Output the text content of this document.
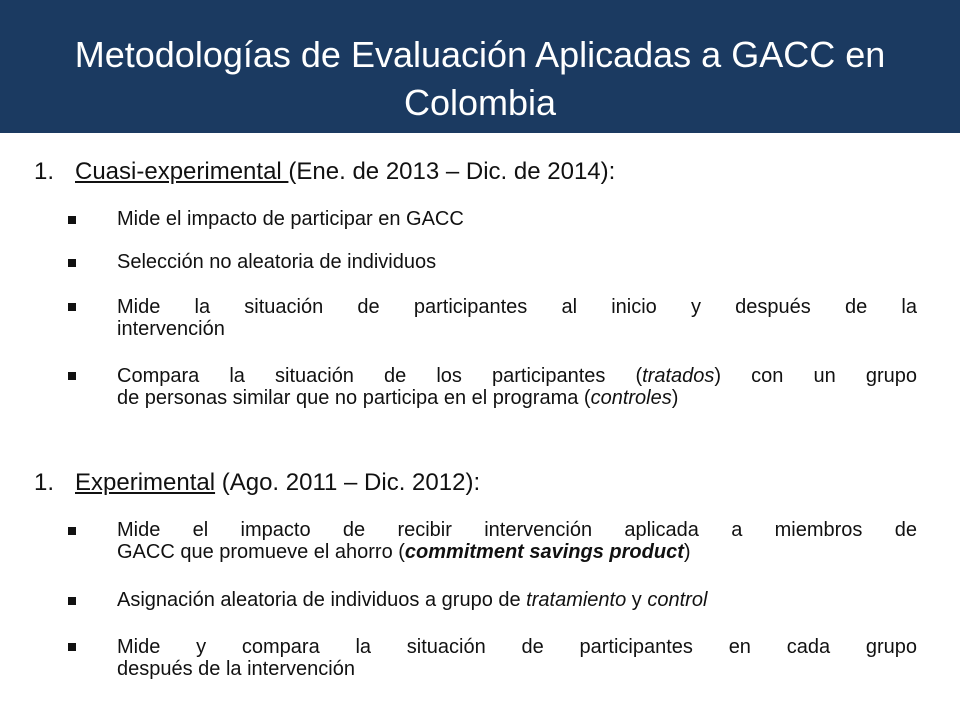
Metodologías de Evaluación Aplicadas a GACC en Colombia
1. Cuasi-experimental (Ene. de 2013 – Dic. de 2014):
Mide el impacto de participar en GACC
Selección no aleatoria de individuos
Mide la situación de participantes al inicio y después de la
intervención
Compara la situación de los participantes (tratados) con un grupo
de personas similar que no participa en el programa (controles)
1. Experimental (Ago. 2011 – Dic. 2012):
Mide el impacto de recibir intervención aplicada a miembros de
GACC que promueve el ahorro (commitment savings product)
Asignación aleatoria de individuos a grupo de tratamiento y control
Mide y compara la situación de participantes en cada grupo
después de la intervención
